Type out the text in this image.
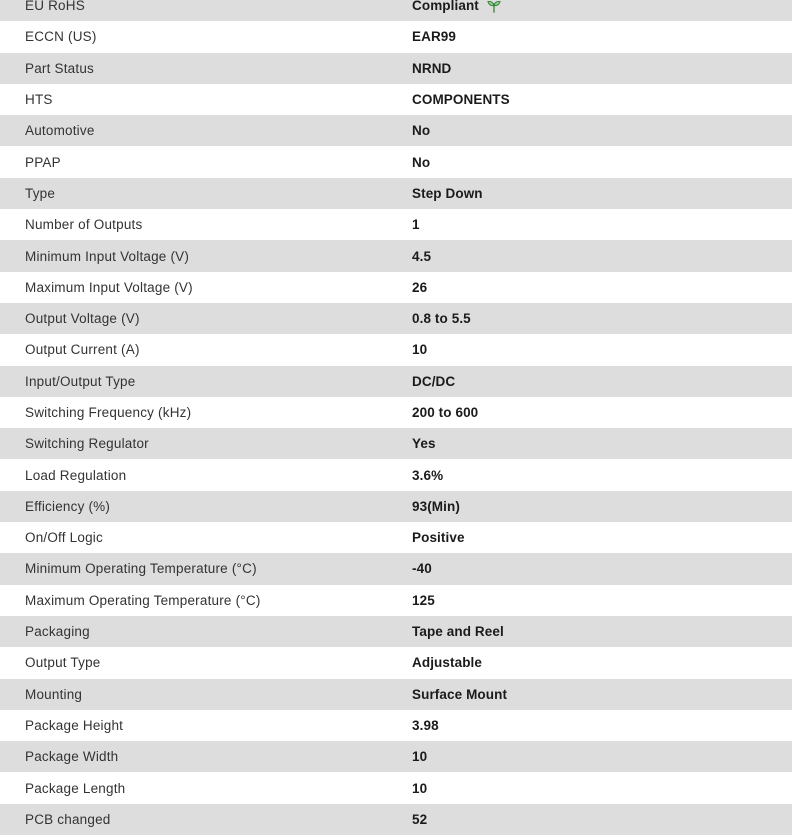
EU RoHS	Compliant
ECCN (US)	EAR99
Part Status	NRND
HTS	COMPONENTS
Automotive	No
PPAP	No
Type	Step Down
Number of Outputs	1
Minimum Input Voltage (V)	4.5
Maximum Input Voltage (V)	26
Output Voltage (V)	0.8 to 5.5
Output Current (A)	10
Input/Output Type	DC/DC
Switching Frequency (kHz)	200 to 600
Switching Regulator	Yes
Load Regulation	3.6%
Efficiency (%)	93(Min)
On/Off Logic	Positive
Minimum Operating Temperature (°C)	-40
Maximum Operating Temperature (°C)	125
Packaging	Tape and Reel
Output Type	Adjustable
Mounting	Surface Mount
Package Height	3.98
Package Width	10
Package Length	10
PCB changed	52
